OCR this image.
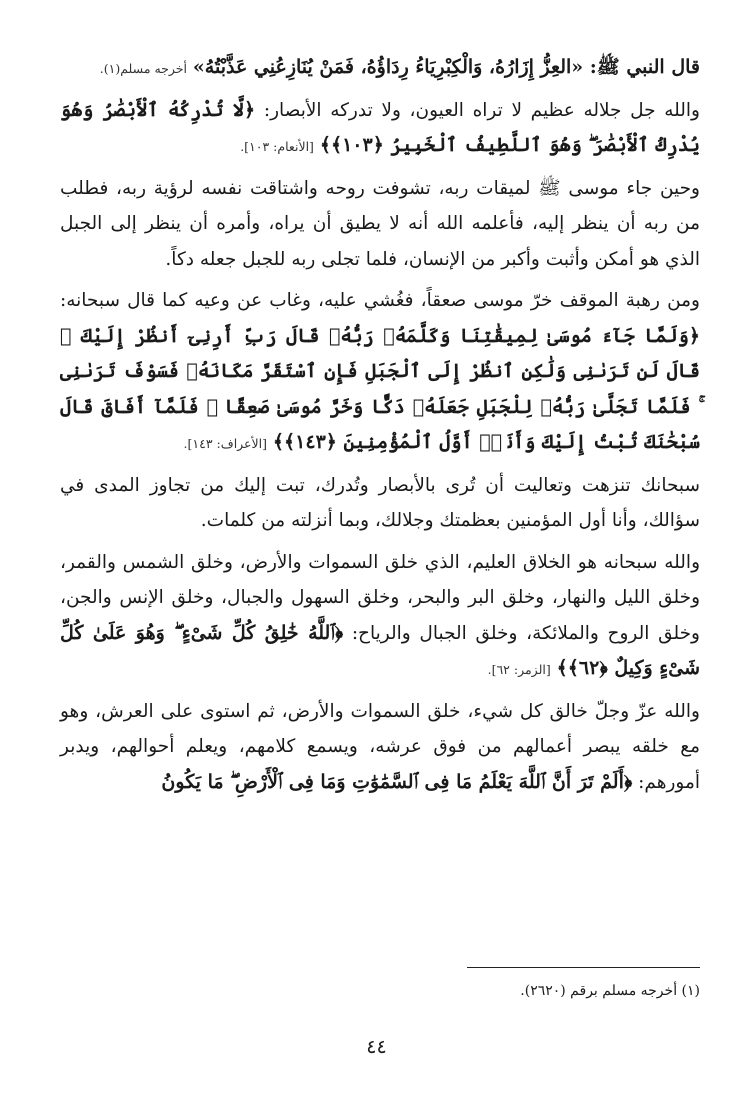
قال النبي ﷺ: «العِزُّ إِزَارُهُ، وَالْكِبْرِيَاءُ رِدَاؤُهُ، فَمَنْ يُنَازِعُنِي عَذَّبْتُهُ» أخرجه مسلم(١).

والله جل جلاله عظيم لا تراه العيون، ولا تدركه الأبصار: ﴿لَّا تُدْرِكُهُ ٱلْأَبْصَٰرُ وَهُوَ يُدْرِكُ ٱلْأَبْصَٰرَ ۖ وَهُوَ ٱللَّطِيفُ ٱلْخَبِيرُ ﴿١٠٣﴾﴾ [الأنعام: ١٠٣].

وحين جاء موسى ﷺ لميقات ربه، تشوفت روحه واشتاقت نفسه لرؤية ربه، فطلب من ربه أن ينظر إليه، فأعلمه الله أنه لا يطيق أن يراه، وأمره أن ينظر إلى الجبل الذي هو أمكن وأثبت وأكبر من الإنسان، فلما تجلى ربه للجبل جعله دكاً.

ومن رهبة الموقف خرّ موسى صعقاً، فغُشي عليه، وغاب عن وعيه كما قال سبحانه: ﴿وَلَمَّا جَآءَ مُوسَىٰ لِمِيقَٰتِنَا وَكَلَّمَهُۥ رَبُّهُۥ قَالَ رَبِّ أَرِنِىٓ أَنظُرْ إِلَيْكَ ۚ قَالَ لَن تَرَىٰنِى وَلَٰكِنِ ٱنظُرْ إِلَى ٱلْجَبَلِ فَإِنِ ٱسْتَقَرَّ مَكَانَهُۥ فَسَوْفَ تَرَىٰنِى ۚ فَلَمَّا تَجَلَّىٰ رَبُّهُۥ لِلْجَبَلِ جَعَلَهُۥ دَكًّا وَخَرَّ مُوسَىٰ صَعِقًا ۚ فَلَمَّآ أَفَاقَ قَالَ سُبْحَٰنَكَ تُبْتُ إِلَيْكَ وَأَنَا۠ أَوَّلُ ٱلْمُؤْمِنِينَ ﴿١٤٣﴾﴾ [الأعراف: ١٤٣].

سبحانك تنزهت وتعاليت أن تُرى بالأبصار وتُدرك، تبت إليك من تجاوز المدى في سؤالك، وأنا أول المؤمنين بعظمتك وجلالك، وبما أنزلته من كلمات.

والله سبحانه هو الخلاق العليم، الذي خلق السموات والأرض، وخلق الشمس والقمر، وخلق الليل والنهار، وخلق البر والبحر، وخلق السهول والجبال، وخلق الإنس والجن، وخلق الروح والملائكة، وخلق الجبال والرياح: ﴿ٱللَّهُ خَٰلِقُ كُلِّ شَىْءٍ ۖ وَهُوَ عَلَىٰ كُلِّ شَىْءٍ وَكِيلٌ ﴿٦٢﴾﴾ [الزمر: ٦٢].

والله عزّ وجلّ خالق كل شيء، خلق السموات والأرض، ثم استوى على العرش، وهو مع خلقه يبصر أعمالهم من فوق عرشه، ويسمع كلامهم، ويعلم أحوالهم، ويدبر أمورهم: ﴿أَلَمْ تَرَ أَنَّ ٱللَّهَ يَعْلَمُ مَا فِى ٱلسَّمَٰوَٰتِ وَمَا فِى ٱلْأَرْضِ ۖ مَا يَكُونُ

(١) أخرجه مسلم برقم (٢٦٢٠).
٤٤
